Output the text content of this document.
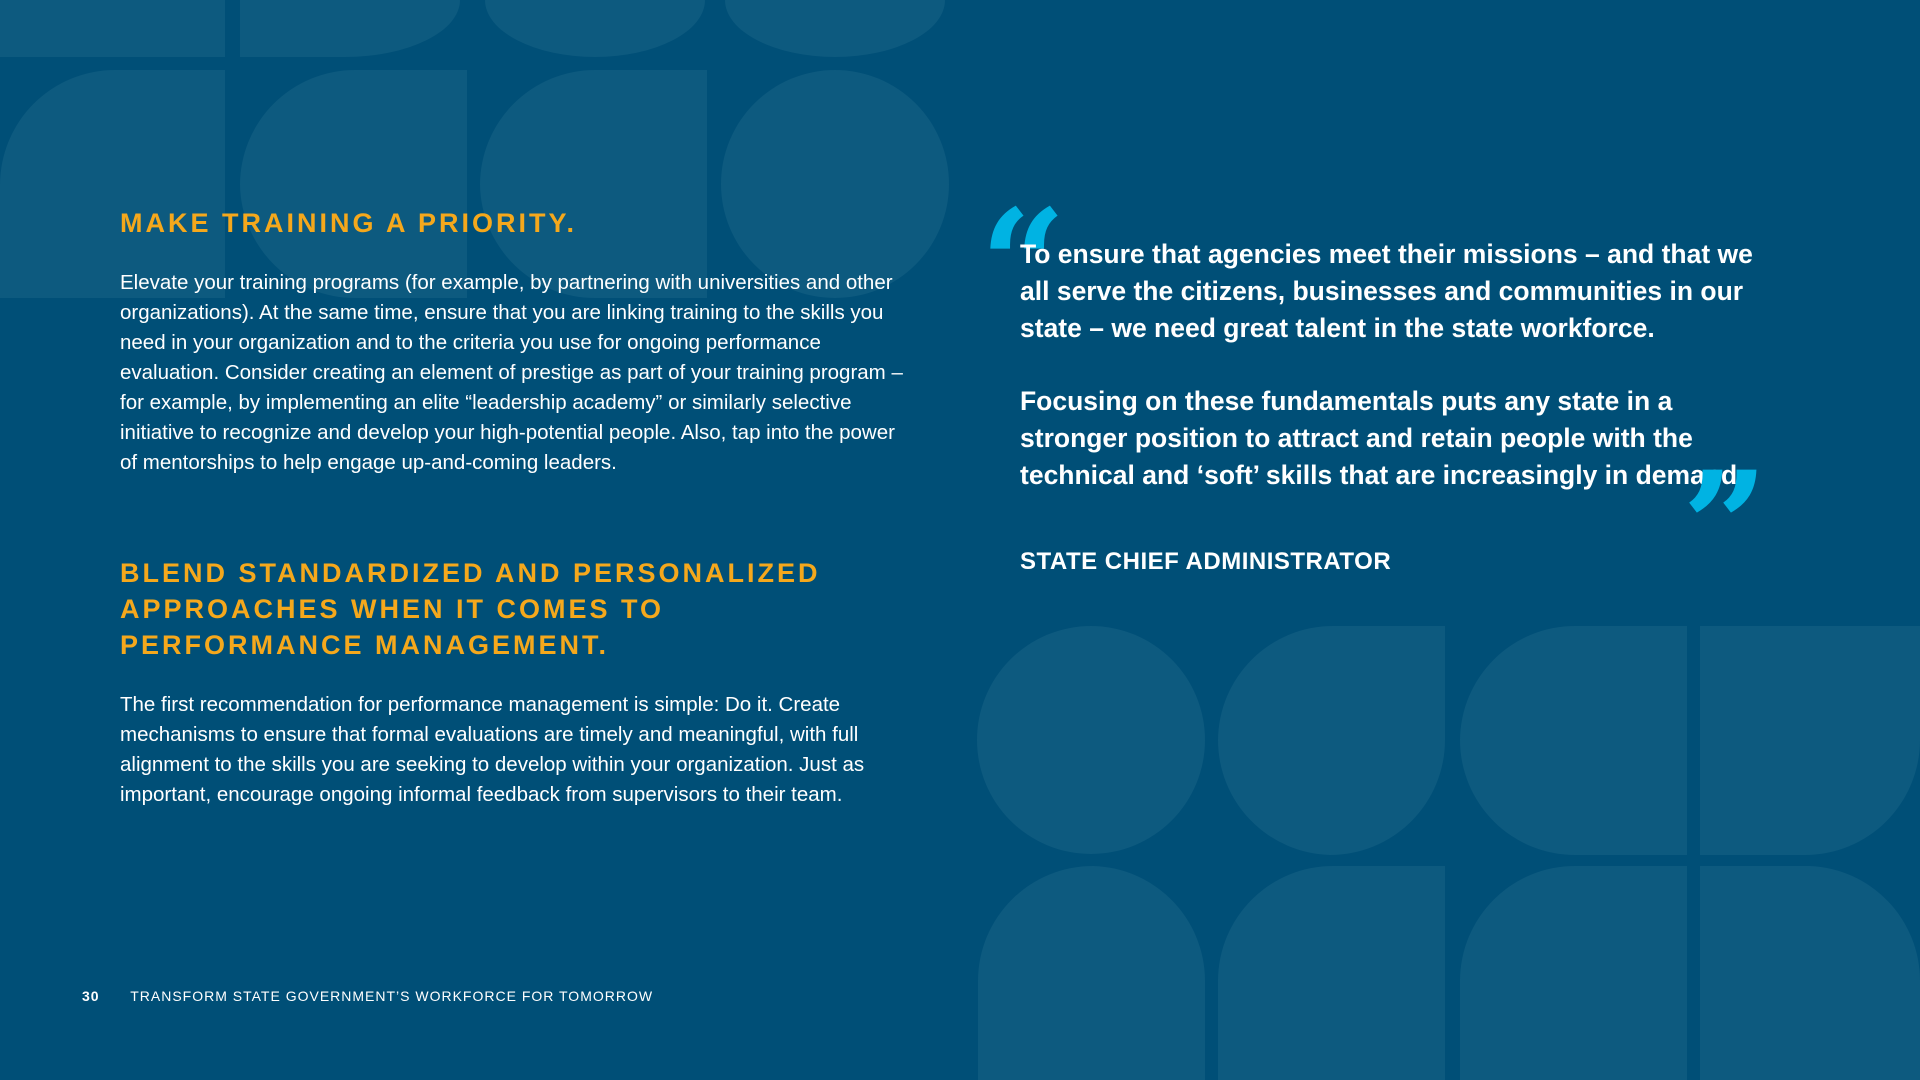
MAKE TRAINING A PRIORITY.

Elevate your training programs (for example, by partnering with universities and other organizations). At the same time, ensure that you are linking training to the skills you need in your organization and to the criteria you use for ongoing performance evaluation. Consider creating an element of prestige as part of your training program – for example, by implementing an elite “leadership academy” or similarly selective initiative to recognize and develop your high-potential people. Also, tap into the power of mentorships to help engage up-and-coming leaders.

BLEND STANDARDIZED AND PERSONALIZED APPROACHES WHEN IT COMES TO PERFORMANCE MANAGEMENT.

The first recommendation for performance management is simple: Do it. Create mechanisms to ensure that formal evaluations are timely and meaningful, with full alignment to the skills you are seeking to develop within your organization. Just as important, encourage ongoing informal feedback from supervisors to their team.

“

To ensure that agencies meet their missions – and that we all serve the citizens, businesses and communities in our state – we need great talent in the state workforce.

Focusing on these fundamentals puts any state in a stronger position to attract and retain people with the technical and ‘soft’ skills that are increasingly in demand.

”
STATE CHIEF ADMINISTRATOR
30 TRANSFORM STATE GOVERNMENT’S WORKFORCE FOR TOMORROW
